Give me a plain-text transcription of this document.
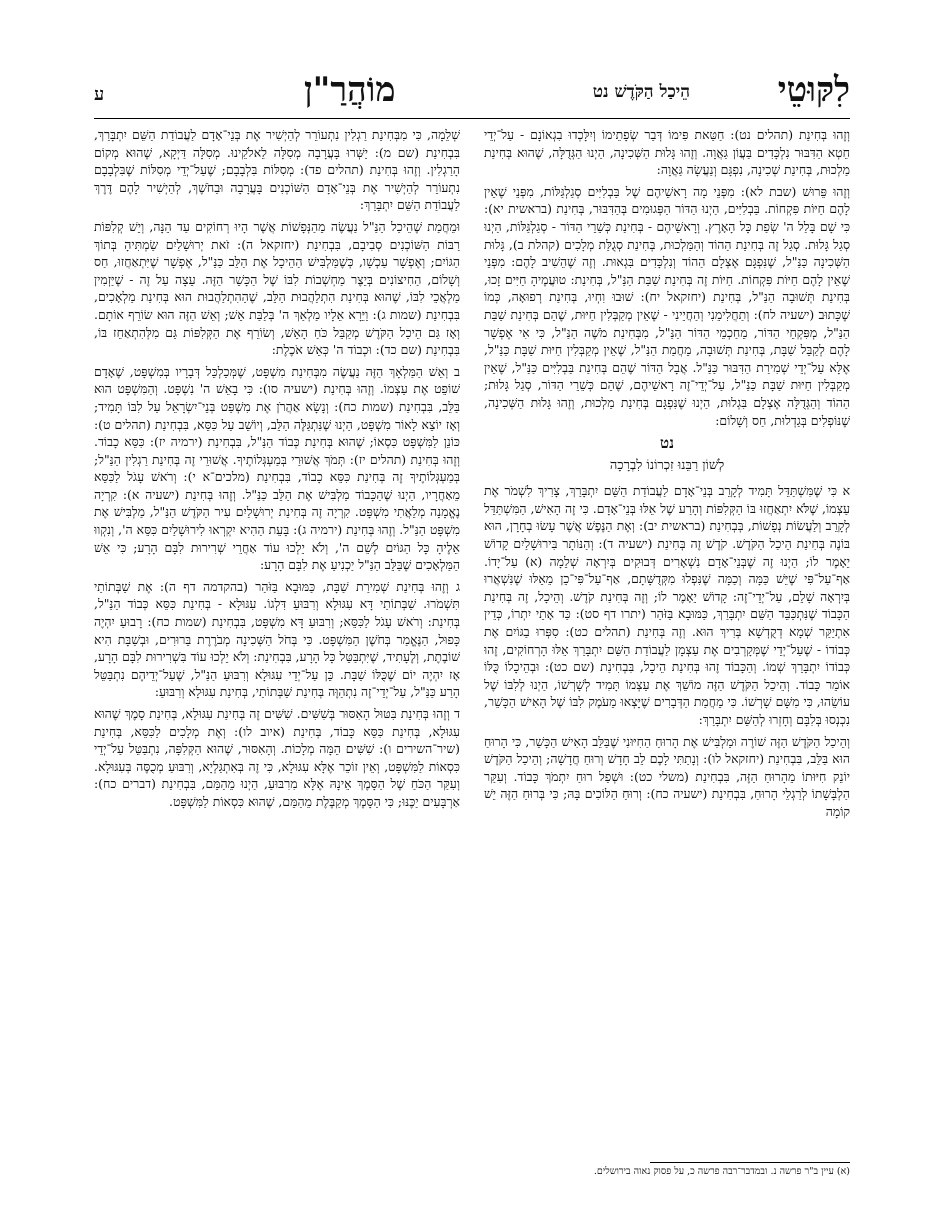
לִקּוּטֵי
הֵיכַל הַקֹּדֶשׁ נט
מוֹהֲרַ"ן
ע

וְזֶהוּ בְּחִינַת (תהלים נט): חַטַּאת פִּימוֹ דְּבַר שְׂפָתֵימוֹ וְיִלָּכְדוּ בִגְאוֹנָם - עַל־יְדֵי חֵטְא הַדִּבּוּר נִלְכָּדִים בַּעֲוֹן גַּאֲוָה. וְזֶהוּ גָּלוּת הַשְּׁכִינָה, הַיְנוּ הַגְּדֻלָּה, שֶׁהוּא בְּחִינַת מַלְכוּת, בְּחִינַת שְׁכִינָה, נִפְגָּם וְנַעֲשָׂה גַּאֲוָה:

וְזֶהוּ פֵּרוּשׁ (שבת לא): מִפְּנֵי מָה רָאשֵׁיהֶם שֶׁל בַּבְלִיִּים סְגַלְגַּלּוֹת, מִפְּנֵי שֶׁאֵין לָהֶם חַיּוֹת פִּקְחוֹת. בַּבְלִיִּים, הַיְנוּ הַדּוֹר הַפְּגוּמִים בְּהַדִּבּוּר, בְּחִינַת (בראשית יא): כִּי שָׁם בָּלַל ה' שְׂפַת כָּל הָאָרֶץ. וְרָאשֵׁיהֶם - בְּחִינַת כְּשֵׁרֵי הַדּוֹר - סְגַלְגַּלּוֹת, הַיְנוּ סְגַל גָּלוּת. סְגַל זֶה בְּחִינַת הַהוֹד וְהַמַּלְכוּת, בְּחִינַת סְגֻלַּת מְלָכִים (קהלת ב), גָּלוּת הַשְּׁכִינָה כַּנַּ"ל, שֶׁנִּפְגָּם אֶצְלָם הַהוֹד וְנִלְכָּדִים בִּגְאוּת. וְזֶה שֶׁהֵשִׁיב לָהֶם: מִפְּנֵי שֶׁאֵין לָהֶם חַיּוֹת פִּקְחוֹת. חַיּוֹת זֶה בְּחִינַת שַׁבַּת הַנַּ"ל, בְּחִינַת: טוּעֲמֶיהָ חַיִּים זָכוּ, בְּחִינַת תְּשׁוּבָה הַנַּ"ל, בְּחִינַת (יחזקאל יח): שׁוּבוּ וִחְיוּ, בְּחִינַת רְפוּאָה, כְּמוֹ שֶׁכָּתוּב (ישעיה לח): וְתַחֲלִימֵנִי וְהַחֲיֵינִי - שֶׁאֵין מְקַבְּלִין חַיּוּת, שֶׁהֵם בְּחִינַת שַׁבַּת הַנַּ"ל, מְפִּקְחֵי הַדּוֹר, מֵחַכְמֵי הַדּוֹר הַנַּ"ל, מִבְּחִינַת מֹשֶׁה הַנַּ"ל, כִּי אִי אֶפְשָׁר לָהֶם לְקַבֵּל שַׁבָּת, בְּחִינַת תְּשׁוּבָה, מֵחֲמַת הַנַּ"ל, שֶׁאֵין מְקַבְּלִין חַיּוּת שַׁבָּת כַּנַּ"ל, אֶלָּא עַל־יְדֵי שְׁמִירַת הַדִּבּוּר כַּנַּ"ל. אֲבָל הַדּוֹר שֶׁהֵם בְּחִינַת בַּבְלִיִּים כַּנַּ"ל, שֶׁאֵין מְקַבְּלִין חַיּוּת שַׁבָּת כַּנַּ"ל, עַל־יְדֵי־זֶה רָאשֵׁיהֶם, שֶׁהֵם כְּשֵׁרֵי הַדּוֹר, סְגַל גָּלוּת; הַהוֹד וְהַגְּדֻלָּה אֶצְלָם בִּגְלוּת, הַיְנוּ שֶׁנִּפְגָּם בְּחִינַת מַלְכוּת, וְזֶהוּ גָּלוּת הַשְּׁכִינָה, שֶׁנּוֹפְלִים בְּגַדְלוּת, חַס וְשָׁלוֹם:

נט
לְשׁוֹן רַבֵּנוּ זִכְרוֹנוֹ לִבְרָכָה

א כִּי שֶׁמִּשְׁתַּדֵּל תָּמִיד לְקָרֵב בְּנֵי־אָדָם לַעֲבוֹדַת הַשֵּׁם יִתְבָּרַךְ, צָרִיךְ לִשְׁמֹר אֶת עַצְמוֹ, שֶׁלֹּא יִתְאַחֲזוּ בּוֹ הַקְּלִפּוֹת וְהָרַע שֶׁל אֵלּוּ בְּנֵי־אָדָם. כִּי זֶה הָאִישׁ, הַמִּשְׁתַּדֵּל לְקָרֵב וְלַעֲשׂוֹת נְפָשׁוֹת, בְּבְחִינַת (בראשית יב): וְאֶת הַנֶּפֶשׁ אֲשֶׁר עָשׂוּ בְחָרָן, הוּא בּוֹנֶה בְּחִינַת הֵיכַל הַקֹּדֶשׁ. קֹדֶשׁ זֶה בְּחִינַת (ישעיה ד): וְהַנּוֹתָר בִּירוּשָׁלַיִם קָדוֹשׁ יֵאָמֶר לוֹ; הַיְנוּ זֶה שֶׁבְּנֵי־אָדָם נִשְׁאָרִים דְּבוּקִים בְּיִרְאָה שְׁלֵמָה (א) עַל־יָדוֹ. אַף־עַל־פִּי שֶׁיֵּשׁ כַּמָּה וְכַמָּה שֶׁנִּפְלוּ מִקְּדֻשָּׁתָם, אַף־עַל־פִּי־כֵן מֵאֵלּוּ שֶׁנִּשְׁאֲרוּ בְּיִרְאָה שָׁלֵם, עַל־יְדֵי־זֶה: קָדוֹשׁ יֵאָמֶר לוֹ; וְזֶה בְּחִינַת קֹדֶשׁ. וְהֵיכָל, זֶה בְּחִינַת הַכָּבוֹד שֶׁנִּתְכַּבֵּד הַשֵּׁם יִתְבָּרַךְ, כַּמּוּבָא בַּזֹּהַר (יתרו דף סט): כַּד אָתֵי יִתְרוֹ, כְּדֵין אִתְיַקַּר שְׁמָא דְקֻדְשָׁא בְּרִיךְ הוּא. וְזֶה בְּחִינַת (תהלים כט): סִפְּרוּ בַגּוֹיִם אֶת כְּבוֹדוֹ - שֶׁעַל־יְדֵי שֶׁמְּקָרְבִים אֶת עַצְמָן לַעֲבוֹדַת הַשֵּׁם יִתְבָּרַךְ אֵלּוּ הָרְחוֹקִים, זֶהוּ כְּבוֹדוֹ יִתְבָּרַךְ שְׁמוֹ. וְהַכָּבוֹד זֶהוּ בְּחִינַת הֵיכָל, בִּבְחִינַת (שם כט): וּבְהֵיכָלוֹ כֻּלּוֹ אוֹמֵר כָּבוֹד. וְהֵיכַל הַקֹּדֶשׁ הַזֶּה מוֹשֵׁךְ אֶת עַצְמוֹ תָּמִיד לְשָׁרְשׁוֹ, הַיְנוּ לְלִבּוֹ שֶׁל עוֹשֵׂהוּ, כִּי מִשָּׁם שָׁרְשׁוֹ. כִּי מֵחֲמַת הַדְּבָרִים שֶׁיָּצְאוּ מֵעֹמֶק לִבּוֹ שֶׁל הָאִישׁ הַכָּשֵׁר, נִכְנְסוּ בְּלִבָּם וְחָזְרוּ לְהַשֵּׁם יִתְבָּרַךְ:

וְהֵיכַל הַקֹּדֶשׁ הַזֶּה שׁוֹרֶה וּמַלְבִּישׁ אֶת הָרוּחַ הַחִיּוּנִי שֶׁבַּלֵּב הָאִישׁ הַכָּשֵׁר, כִּי הָרוּחַ הוּא בַּלֵּב, בִּבְחִינַת (יחזקאל לו): וְנָתַתִּי לָכֶם לֵב חָדָשׁ וְרוּחַ חֲדָשָׁה; וְהֵיכַל הַקֹּדֶשׁ יוֹנֵק חִיּוּתוֹ מֵהָרוּחַ הַזֶּה, בִּבְחִינַת (משלי כט): וּשְׁפַל רוּחַ יִתְמֹךְ כָּבוֹד. וְעִקַּר הַלְבָּשָׁתוֹ לְרַגְלֵי הָרוּחַ, בִּבְחִינַת (ישעיה כח): וְרוּחַ הַלּוֹכִים בָּהּ; כִּי בְּרוּחַ הַזֶּה יֵשׁ קוֹמָה

שְׁלֵמָה, כִּי מִבְּחִינַת רַגְלִין נִתְעוֹרֵר לְהַיְשִׁיר אֶת בְּנֵי־אָדָם לַעֲבוֹדַת הַשֵּׁם יִתְבָּרַךְ, בִּבְחִינַת (שם מ): יַשְּׁרוּ בָּעֲרָבָה מְסִלָּה לֵאלֹקֵינוּ. מְסִלָּה דַּיְקָא, שֶׁהוּא מְקוֹם הָרַגְלִין. וְזֶהוּ בְּחִינַת (תהלים פד): מְסִלּוֹת בִּלְבָבָם; שֶׁעַל־יְדֵי מְסִלּוֹת שֶׁבִּלְבָבָם נִתְעוֹרֵר לְהַיְשִׁיר אֶת בְּנֵי־אָדָם הַשּׁוֹכְנִים בָּעֲרָבָה וּבַחֹשֶׁךְ, לְהַיְשִׁיר לָהֶם דֶּרֶךְ לַעֲבוֹדַת הַשֵּׁם יִתְבָּרַךְ:

וּמֵחֲמַת שֶׁהֵיכַל הַנַּ"ל נַעֲשֶׂה מֵהַנְּפָשׁוֹת אֲשֶׁר הָיוּ רְחוֹקִים עַד הֵנָּה, וְיֵשׁ קְלִפּוֹת רַבּוֹת הַשּׁוֹכְנִים סְבִיבָם, בִּבְחִינַת (יחזקאל ה): זֹאת יְרוּשָׁלַיִם שַׂמְתִּיהָ בְּתוֹךְ הַגּוֹיִם; וְאֶפְשָׁר עַכְשָׁו, כְּשֶׁמַּלְבִּישׁ הַהֵיכָל אֶת הַלֵּב כַּנַּ"ל, אֶפְשָׁר שֶׁיִּתְאַחֲזוּ, חַס וְשָׁלוֹם, הַחִיצוֹנִים בְּיֵצֶר מַחְשְׁבוֹת לִבּוֹ שֶׁל הַכָּשֵׁר הַזֶּה. עֵצָה עַל זֶה - שֶׁיַּזְמִין מַלְאֲכֵי לִבּוֹ, שֶׁהוּא בְּחִינַת הִתְלַהֲבוּת הַלֵּב, שֶׁהַהִתְלַהֲבוּת הוּא בְּחִינַת מַלְאָכִים, בִּבְחִינַת (שמות ג): וַיֵּרָא אֵלָיו מַלְאַךְ ה' בְּלַבַּת אֵשׁ; וְאֵשׁ הַזֶּה הוּא שׂוֹרֵף אוֹתָם. וְאָז גַּם הֵיכַל הַקֹּדֶשׁ מְקַבֵּל כֹּחַ הָאֵשׁ, וְשׂוֹרֵף אֶת הַקְּלִפּוֹת גַּם מִלְּהִתְאַחֵז בּוֹ, בִּבְחִינַת (שם כד): וּכְבוֹד ה' כְּאֵשׁ אֹכֶלֶת:

ב וְאֵשׁ הַמַּלְאָךְ הַזֶּה נַעֲשֶׂה מִבְּחִינַת מִשְׁפָּט, שֶׁמְּכַלְכֵּל דְּבָרָיו בְּמִשְׁפָּט, שֶׁאָדָם שׁוֹפֵט אֶת עַצְמוֹ. וְזֶהוּ בְּחִינַת (ישעיה סו): כִּי בָאֵשׁ ה' נִשְׁפָּט. וְהַמִּשְׁפָּט הוּא בַּלֵּב, בִּבְחִינַת (שמות כח): וְנָשָׂא אַהֲרֹן אֶת מִשְׁפַּט בְּנֵי־יִשְׂרָאֵל עַל לִבּוֹ תָּמִיד; וְאָז יוֹצֵא לָאוֹר מִשְׁפָּט, הַיְנוּ שֶׁנִּתְגַּלֶּה הַלֵּב, וְיוֹשֵׁב עַל כִּסֵּא, בִּבְחִינַת (תהלים ט): כּוֹנֵן לַמִּשְׁפָּט כִּסְאוֹ; שֶׁהוּא בְּחִינַת כְּבוֹד הַנַּ"ל, בִּבְחִינַת (ירמיה יז): כִּסֵּא כָבוֹד. וְזֶהוּ בְּחִינַת (תהלים יז): תְּמֹךְ אֲשׁוּרַי בְּמַעְגְּלוֹתֶיךָ. אֲשׁוּרֵי זֶה בְּחִינַת רַגְלִין הַנַּ"ל; בְּמַעְגְּלוֹתֶיךָ זֶה בְּחִינַת כִּסֵּא כָבוֹד, בִּבְחִינַת (מלכים־א י): וְרֹאשׁ עָגֹל לַכִּסֵּא מֵאַחֲרָיו, הַיְנוּ שֶׁהַכָּבוֹד מַלְבִּישׁ אֶת הַלֵּב כַּנַּ"ל. וְזֶהוּ בְּחִינַת (ישעיה א): קִרְיָה נֶאֱמָנָה מְלֵאֲתִי מִשְׁפָּט. קִרְיָה זֶה בְּחִינַת יְרוּשָׁלַיִם עִיר הַקֹּדֶשׁ הַנַּ"ל, מַלְבִּישׁ אֶת מִשְׁפָּט הַנַּ"ל. וְזֶהוּ בְּחִינַת (ירמיה ג): בָּעֵת הַהִיא יִקְרְאוּ לִירוּשָׁלַיִם כִּסֵּא ה', וְנִקְווּ אֵלֶיהָ כָּל הַגּוֹיִם לְשֵׁם ה', וְלֹא יֵלְכוּ עוֹד אַחֲרֵי שְׁרִירוּת לִבָּם הָרָע; כִּי אֵשׁ הַמַּלְאָכִים שֶׁבַּלֵּב הַנַּ"ל יַכְנִיעַ אֶת לִבָּם הָרָע:

ג וְזֶהוּ בְּחִינַת שְׁמִירַת שַׁבָּת, כַּמּוּבָא בַּזֹּהַר (בהקדמה דף ה): אֶת שַׁבְּתוֹתַי תִּשְׁמֹרוּ. שַׁבְּתוֹתַי דָּא עִגּוּלָא וְרִבּוּעַ דִּלְגוֹ. עִגּוּלָא - בְּחִינַת כִּסֵּא כְּבוֹד הַנַּ"ל, בְּחִינַת: וְרֹאשׁ עָגֹל לַכִּסֵּא; וְרִבּוּעַ דָּא מִשְׁפָּט, בִּבְחִינַת (שמות כח): רָבוּעַ יִהְיֶה כָּפוּל, הַנֶּאֱמַר בְּחֹשֶׁן הַמִּשְׁפָּט. כִּי בְּחֹל הַשְּׁכִינָה מְבֹרֶרֶת בֵּרוּרִים, וּבְשַׁבָּת הִיא שׁוֹבֶתֶת, וְלֶעָתִיד, שֶׁיִּתְבַּטֵּל כָּל הָרָע, בִּבְחִינַת: וְלֹא יֵלְכוּ עוֹד בִּשְׁרִירוּת לִבָּם הָרָע, אָז יִהְיֶה יוֹם שֶׁכֻּלּוֹ שַׁבָּת. כֵּן עַל־יְדֵי עִגּוּלָא וְרִבּוּעַ הַנַּ"ל, שֶׁעַל־יְדֵיהֶם נִתְבַּטֵּל הָרַע כַּנַּ"ל, עַל־יְדֵי־זֶה נִתְהַוֶּה בְּחִינַת שַׁבְּתוֹתַי, בְּחִינַת עִגּוּלָא וְרִבּוּעַ:

ד וְזֶהוּ בְּחִינַת בִּטּוּל הָאִסּוּר בְּשִׁשִּׁים. שִׁשִּׁים זֶה בְּחִינַת עִגּוּלָא, בְּחִינַת סָמֶךְ שֶׁהוּא עִגּוּלָא, בְּחִינַת כִּסֵּא כָּבוֹד, בְּחִינַת (איוב לו): וְאֶת מְלָכִים לַכִּסֵּא, בְּחִינַת (שיר־השירים ו): שִׁשִּׁים הֵמָּה מְלָכוֹת. וְהָאִסּוּר, שֶׁהוּא הַקְּלִפָּה, נִתְבַּטֵּל עַל־יְדֵי כִּסְאוֹת לַמִּשְׁפָּט, וְאֵין זוֹכֵר אֶלָּא עִגּוּלָא, כִּי זֶה בְּאִתְגַּלְיָא, וְרִבּוּעַ מְכֻסֶּה בְּעִגּוּלָא. וְעִקַּר הַכֹּחַ שֶׁל הַסָּמֶךְ אֵינָהּ אֶלָּא מִרִבּוּעַ, הַיְנוּ מֵהַמֵּם, בִּבְחִינַת (דברים כח): אַרְבָּעִים יַכֶּנּוּ; כִּי הַסָּמֶךְ מְקַבֶּלֶת מֵהַמֵּם, שֶׁהוּא כִּסְאוֹת לַמִּשְׁפָּט.

(א) עיין ב"ר פרשה נ. ובמדבר־רבה פרשה כ, על פסוק נאוה בירושלים.
